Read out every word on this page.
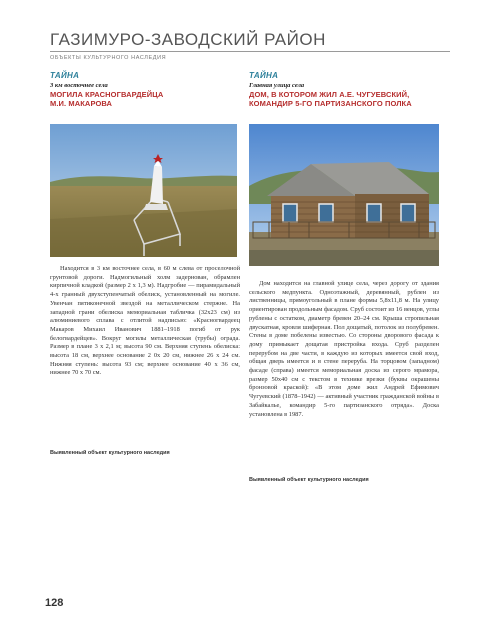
ГАЗИМУРО-ЗАВОДСКИЙ РАЙОН
ОБЪЕКТЫ КУЛЬТУРНОГО НАСЛЕДИЯ
ТАЙНА
3 км восточнее села
МОГИЛА КРАСНОГВАРДЕЙЦА
М.И. МАКАРОВА
ТАЙНА
Главная улица села
ДОМ, В КОТОРОМ ЖИЛ А.Е. ЧУГУЕВСКИЙ,
КОМАНДИР 5-ГО ПАРТИЗАНСКОГО ПОЛКА
Находится в 3 км восточнее села, в 60 м слева от проселочной грунтовой дороги. Надмогильный холм задернован, обрамлен кирпичной кладкой (размер 2 х 1,3 м). Надгробие — пирамидальный 4-х гранный двухступенчатый обелиск, установленный на могиле. Увенчан пятиконечной звездой на металлическом стержне. На западной грани обелиска мемориальная табличка (32х23 см) из алюминиевого сплава с отлитой надписью: «Красногвардеец Макаров Михаил Иванович 1881–1918 погиб от рук белогвардейцев». Вокруг могилы металлическая (трубы) ограда. Размер в плане 3 х 2,1 м; высота 90 см. Верхняя ступень обелиска: высота 18 см, верхнее основание 2 0х 20 см, нижнее 26 х 24 см. Нижняя ступень: высота 93 см; верхнее основание 40 х 36 см, нижнее 70 х 70 см.
Дом находится на главной улице села, через дорогу от здания сельского медпункта. Одноэтажный, деревянный, рублен из лиственницы, прямоугольный в плане формы 5,8х11,8 м. На улицу ориентирован продольным фасадом. Сруб состоит из 16 венцов, углы рублены с остатком, диаметр бревен 20–24 см. Крыша стропильная двускатная, кровля шиферная. Пол дощатый, потолок из полубревен. Стены в доме побелены известью. Со стороны дворового фасада к дому примыкает дощатая пристройка входа. Сруб разделен перерубом на две части, в каждую из которых имеется свой вход, общая дверь имеется и в стене переруба. На торцовом (западном) фасаде (справа) имеется мемориальная доска из серого мрамора, размер 50х40 см с текстом в технике врезки (буквы окрашены бронзовой краской): «В этом доме жил Андрей Ефимович Чугуевский (1878–1942) — активный участник гражданской войны в Забайкалье, командир 5-го партизанского отряда». Доска установлена в 1987.
Выявленный объект культурного наследия
Выявленный объект культурного наследия
128
